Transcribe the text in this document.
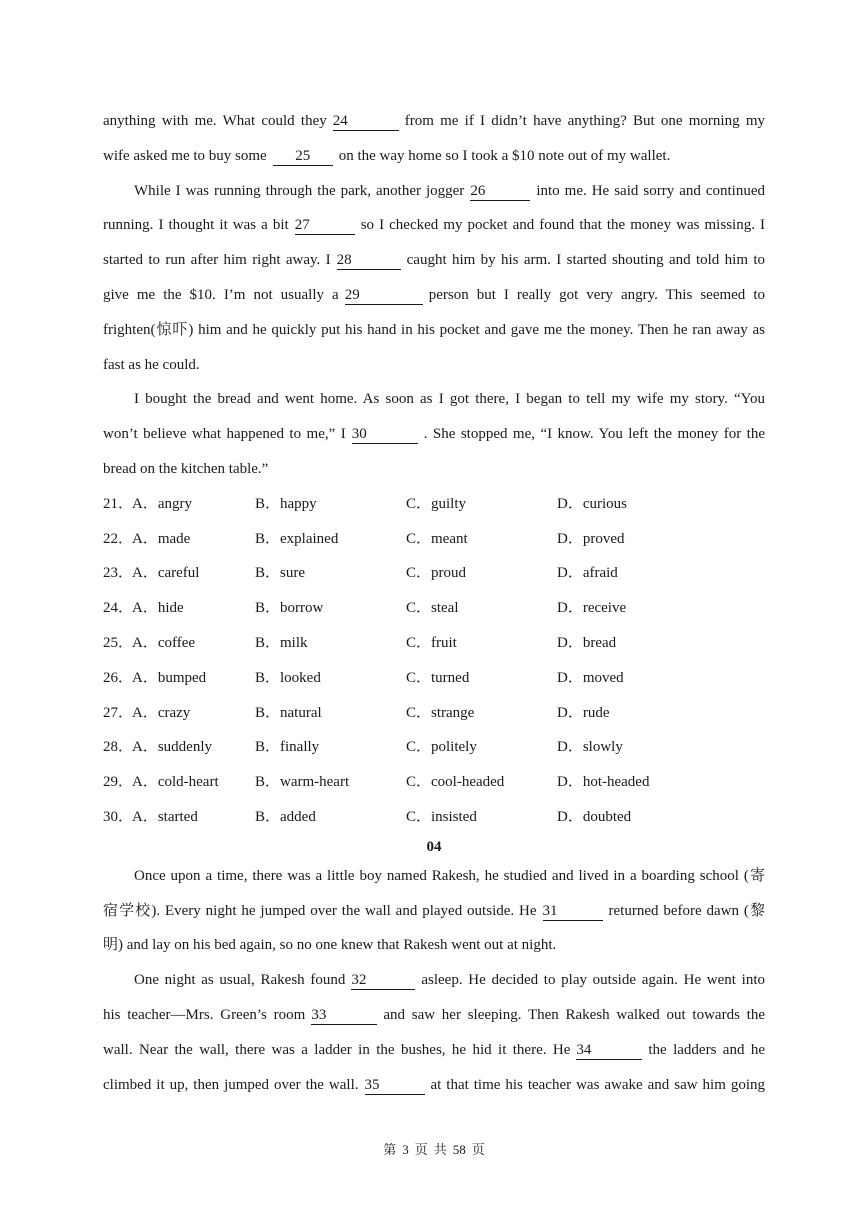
anything with me. What could they 24	from me if I didn’t have anything? But one morning my
wife asked me to buy some 25 on the way home so I took a $10 note out of my wallet.
While I was running through the park, another jogger 26	into me. He said sorry and continued
running. I thought it was a bit 27	so I checked my pocket and found that the money was missing. I
started to run after him right away. I 28	caught him by his arm. I started shouting and told him to
give me the $10. I’m not usually a 29	person but I really got very angry. This seemed to
frighten(惊吓) him and he quickly put his hand in his pocket and gave me the money. Then he ran away as
fast as he could.
I bought the bread and went home. As soon as I got there, I began to tell my wife my story. “You
won’t believe what happened to me,” I 30	. She stopped me, “I know. You left the money for the
bread on the kitchen table.”
21．
A．angry	B．happy	C．guilty	D．curious
22．
A．made	B．explained	C．meant	D．proved
23．
A．careful	B．sure	C．proud	D．afraid
24．
A．hide	B．borrow	C．steal	D．receive
25．
A．coffee	B．milk	C．fruit	D．bread
26．
A．bumped	B．looked	C．turned	D．moved
27．
A．crazy	B．natural	C．strange	D．rude
28．
A．suddenly	B．finally	C．politely	D．slowly
29．
A．cold-heart B．warm-heart	C．cool-headed	D．hot-headed
30．
A．started	B．added	C．insisted	D．doubted
04
Once upon a time, there was a little boy named Rakesh, he studied and lived in a boarding school (寄
宿学校). Every night he jumped over the wall and played outside. He 31	returned before dawn (黎
明) and lay on his bed again, so no one knew that Rakesh went out at night.
One night as usual, Rakesh found 32	asleep. He decided to play outside again. He went into
his teacher—Mrs. Green’s room 33	and saw her sleeping. Then Rakesh walked out towards the
wall. Near the wall, there was a ladder in the bushes, he hid it there. He 34	the ladders and he
climbed it up, then jumped over the wall. 35	at that time his teacher was awake and saw him going
第 3 页 共 58 页
